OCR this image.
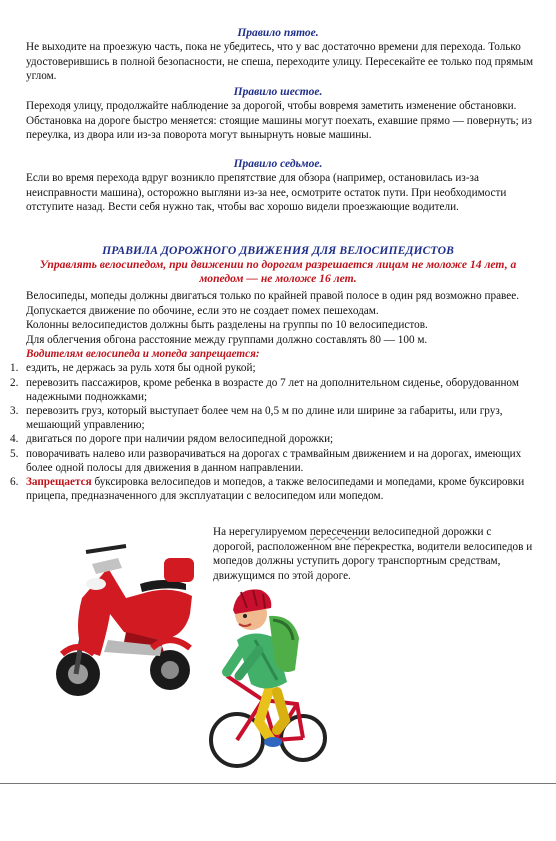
Правило пятое.

Не выходите на проезжую часть, пока не убедитесь, что у вас достаточно времени для перехода. Только удостоверившись в полной безопасности, не спеша, переходите улицу. Пересекайте ее только под прямым углом.

Правило шестое.

Переходя улицу, продолжайте наблюдение за дорогой, чтобы вовремя заметить изменение обстановки. Обстановка на дороге быстро меняется: стоящие машины могут поехать, ехавшие прямо — повернуть; из переулка, из двора или из-за поворота могут вынырнуть новые машины.

Правило седьмое.

Если во время перехода вдруг возникло препятствие для обзора (например, остановилась из-за неисправности машина), осторожно выгляни из-за нее, осмотрите остаток пути. При необходимости отступите назад. Вести себя нужно так, чтобы вас хорошо видели проезжающие водители.

ПРАВИЛА ДОРОЖНОГО ДВИЖЕНИЯ ДЛЯ ВЕЛОСИПЕДИСТОВ

Управлять велосипедом, при движении по дорогам разрешается лицам не моложе 14 лет, а мопедом — не моложе 16 лет.

Велосипеды, мопеды должны двигаться только по крайней правой полосе в один ряд возможно правее.

Допускается движение по обочине, если это не создает помех пешеходам.

Колонны велосипедистов должны быть разделены на группы по 10 велосипедистов.

Для облегчения обгона расстояние между группами должно составлять 80 — 100 м.

Водителям велосипеда и мопеда запрещается:

1. ездить, не держась за руль хотя бы одной рукой;
2. перевозить пассажиров, кроме ребенка в возрасте до 7 лет на дополнительном сиденье, оборудованном надежными подножками;
3. перевозить груз, который выступает более чем на 0,5 м по длине или ширине за габариты, или груз, мешающий управлению;
4. двигаться по дороге при наличии рядом велосипедной дорожки;
5. поворачивать налево или разворачиваться на дорогах с трамвайным движением и на дорогах, имеющих более одной полосы для движения в данном направлении.
6. Запрещается буксировка велосипедов и мопедов, а также велосипедами и мопедами, кроме буксировки прицепа, предназначенного для эксплуатации с велосипедом или мопедом.
На нерегулируемом пересечении велосипедной дорожки с дорогой, расположенном вне перекрестка, водители велосипедов и мопедов должны уступить дорогу транспортным средствам, движущимся по этой дороге.
